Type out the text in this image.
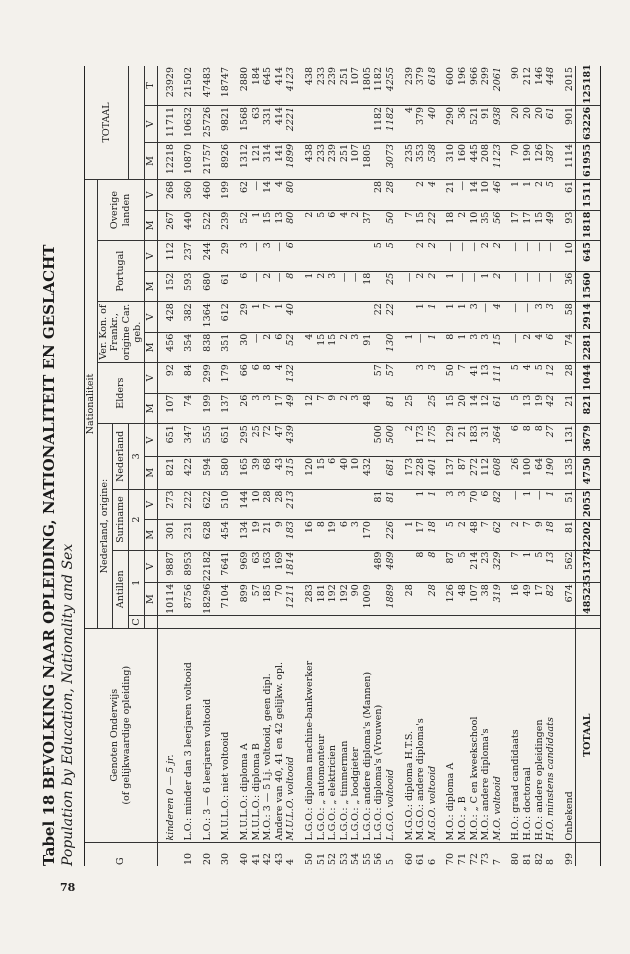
78
Tabel 18 BEVOLKING NAAR OPLEIDING, NATIONALITEIT EN GESLACHT Population by Education, Nationality and Sex	G	Genoten Onderwijs
(of gelijkwaardige opleiding)	Nationaliteit															TOTAAL		
		Nederland, origine:							Elders		Ver. Kon. of Frankr., origine Car. geb.		Portugal		Overige landen				
		Antillen			Suriname		Nederland												
		C	1		2		3												
			M	V	M	V	M	V	M	V	M	V	M	V	M	V	M	V	T
	kinderen 0 — 5 jr.		10114	9887	301	273	821	651	107	92	456	428	152	112	267	268	12218	11711	23929
10	L.O.: minder dan 3 leerjaren voltooid		8756	8953	231	222	422	347	74	84	354	382	593	237	440	360	10870	10632	21502
20	L.O.: 3 — 6 leerjaren voltooid		18296	22182	628	622	594	555	199	299	838	1364	680	244	522	460	21757	25726	47483
30	M.U.L.O.: niet voltooid		7104	7641	454	510	580	651	137	179	351	612	61	29	239	199	8926	9821	18747
40	M.U.L.O.: diploma A		899	969	134	144	165	295	26	66	30	29	6	3	52	62	1312	1568	2880
41	M.U.L.O.: diploma B		57	63	19	10	39	25	3	6	—	1	—	—	1	—	121	63	184
42	M.O.: 3 — 5 l.j. voltooid, geen dipl.		185	163	21	28	68	72	3	8	2	7	2	3	15	14	314	331	645
43	Andere van 40, 41 en 42 gelijkw. opl.		70	169	9	28	43	47	17	4	6	1	—	—	13	4	141	414	414
4	M.U.L.O. voltooid		1211	1814	183	213	315	439	49	132	52	40	8	6	80	80	1899	2221	4123
50	L.G.O.: diploma machine-bankwerker		283		16		120		12		4		1		2		438		438
51	L.G.O.: „ automonteur		181		8		15		7		15		2		5		233		233
52	L.G.O.: „ elektricien		192		19		6		9		15		3		6		239		239
53	L.G.O.: „ timmerman		192		6		40		2		2		—		4		251		251
54	L.G.O.: „ loodgieter		90		3		10		3		3		—		2		107		107
55	L.G.O.: andere diploma's (Mannen)		1009		170		432		48		91		18		37		1805		1805
56	L.G.O.: diploma's (Vrouwen)			489		81		500		57		22		5		28		1182	1182
5	L.G.O. voltooid		1889	489	226	81	681	500	81	57	130	22	25	5	50	28	3073	1182	4255
60	M.G.O.: diploma H.T.S.		28		1		173	2	25		1		—		7		235	4	239
61	M.G.O.: andere diploma's			8	17	1	228	173		3	—	1	2	2	15	2	353	379	379
6	M.G.O. voltooid		28	8	18	1	401	175	25	3	1	1	2	2	22	4	538	40	618
70	M.O.: diploma A		126	87	5	3	137	129	15	50	8	1	1	—	18	21	310	290	600
71	M.O.: „ B		48	5	2	3	87	21	20	7	1	1	—	—	2	—	160	36	196
72	M.O.: „ C en kweekschool		107	214	48	70	272	183	14	41	3	3	—	—	10	14	445	521	966
73	M.O.: andere diploma's		38	23	7	6	112	31	12	13	3	—	1	2	35	10	208	91	299
7	M.O. voltooid		319	329	62	82	608	364	61	111	15	4	2	2	56	46	1123	938	2061
80	H.O.: graad candidaats		16	7	2	—	26	6	5	5	—	—	—	—	17	1	70	20	90
81	H.O.: doctoraal		49	1	7	1	100	8	13	4	2	—	—	—	17	1	190	20	212
82	H.O.: andere opleidingen		17	5	9	—	64	8	19	5	4	3	—	—	15	2	126	20	146
8	H.O. minstens candidaats		82	13	18	1	190	27	42	12	6	3	—	—	49	5	387	61	448
99	Onbekend		674	562	81	51	135	131	21	28	74	58	36	10	93	61	1114	901	2015
	TOTAAL		48523	51378	2202	2055	4750	3679	821	1044	2281	2914	1560	645	1818	1511	61955	63226	125181
